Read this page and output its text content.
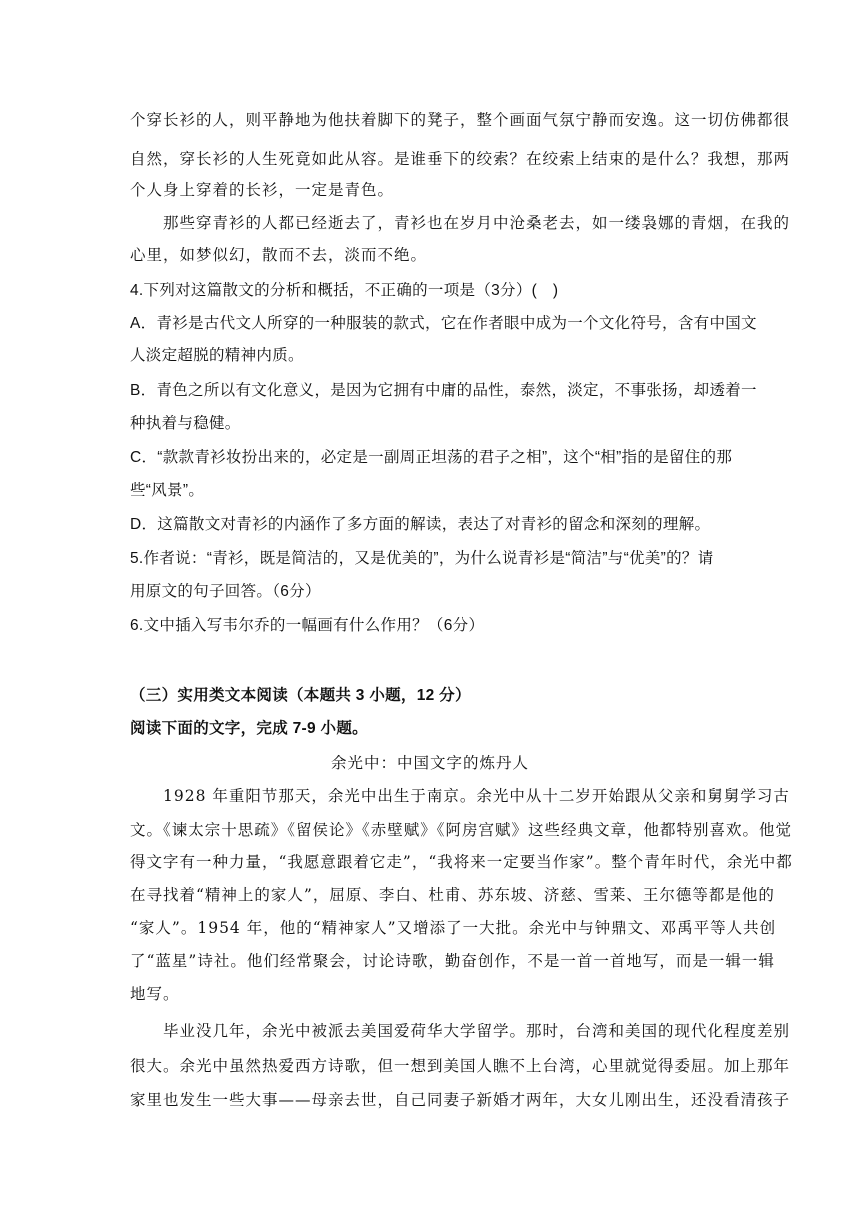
个穿长衫的人，则平静地为他扶着脚下的凳子，整个画面气氛宁静而安逸。这一切仿佛都很
自然，穿长衫的人生死竟如此从容。是谁垂下的绞索？在绞索上结束的是什么？我想，那两
个人身上穿着的长衫，一定是青色。
　　那些穿青衫的人都已经逝去了，青衫也在岁月中沧桑老去，如一缕袅娜的青烟，在我的
心里，如梦似幻，散而不去，淡而不绝。
4.下列对这篇散文的分析和概括，不正确的一项是（3分）(　)
A．青衫是古代文人所穿的一种服装的款式，它在作者眼中成为一个文化符号，含有中国文
人淡定超脱的精神内质。
B．青色之所以有文化意义，是因为它拥有中庸的品性，泰然，淡定，不事张扬，却透着一
种执着与稳健。
C．“款款青衫妆扮出来的，必定是一副周正坦荡的君子之相”，这个“相”指的是留住的那
些“风景”。
D．这篇散文对青衫的内涵作了多方面的解读，表达了对青衫的留念和深刻的理解。
5.作者说：“青衫，既是简洁的，又是优美的”，为什么说青衫是“简洁”与“优美”的？请
用原文的句子回答。（6分）
6.文中插入写韦尔乔的一幅画有什么作用？（6分）
（三）实用类文本阅读（本题共 3 小题，12 分）
阅读下面的文字，完成 7-9 小题。
余光中：中国文字的炼丹人
　　1928 年重阳节那天，余光中出生于南京。余光中从十二岁开始跟从父亲和舅舅学习古
文。《谏太宗十思疏》《留侯论》《赤壁赋》《阿房宫赋》这些经典文章，他都特别喜欢。他觉
得文字有一种力量，“我愿意跟着它走”，“我将来一定要当作家”。整个青年时代，余光中都
在寻找着“精神上的家人”，屈原、李白、杜甫、苏东坡、济慈、雪莱、王尔德等都是他的
“家人”。1954 年，他的“精神家人”又增添了一大批。余光中与钟鼎文、邓禹平等人共创
了“蓝星”诗社。他们经常聚会，讨论诗歌，勤奋创作，不是一首一首地写，而是一辑一辑
地写。
　　毕业没几年，余光中被派去美国爱荷华大学留学。那时，台湾和美国的现代化程度差别
很大。余光中虽然热爱西方诗歌，但一想到美国人瞧不上台湾，心里就觉得委屈。加上那年
家里也发生一些大事——母亲去世，自己同妻子新婚才两年，大女儿刚出生，还没看清孩子
